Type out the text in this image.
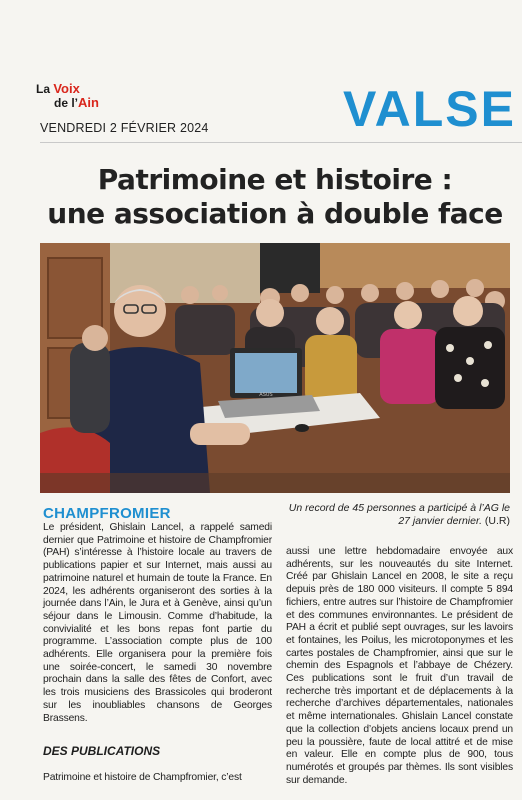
La Voix
de l’Ain
VENDREDI 2 FÉVRIER 2024	VALSE
Patrimoine et histoire :
une association à double face
ASUS
CHAMPFROMIER	Un record de 45 personnes a participé à l’AG le 27 janvier dernier. (U.R)
Le président, Ghislain Lancel, a rappelé samedi dernier que Patrimoine et histoire de Champfromier (PAH) s’intéresse à l’histoire locale au travers de publications papier et sur Internet, mais aussi au patrimoine naturel et humain de toute la France. En 2024, les adhérents organiseront des sorties à la journée dans l’Ain, le Jura et à Genève, ainsi qu’un séjour dans le Limousin. Comme d’habitude, la convivialité et les bons repas font partie du programme. L’association compte plus de 100 adhérents. Elle organisera pour la première fois une soirée-concert, le samedi 30 novembre prochain dans la salle des fêtes de Confort, avec les trois musiciens des Brassicoles qui broderont sur les inoubliables chansons de Georges Brassens.
DES PUBLICATIONS
Patrimoine et histoire de Champfromier, c’est
aussi une lettre hebdomadaire envoyée aux adhérents, sur les nouveautés du site Internet. Créé par Ghislain Lancel en 2008, le site a reçu depuis près de 180 000 visiteurs. Il compte 5 894 fichiers, entre autres sur l’histoire de Champfromier et des communes environnantes. Le président de PAH a écrit et publié sept ouvrages, sur les lavoirs et fontaines, les Poilus, les microtoponymes et les cartes postales de Champfromier, ainsi que sur le chemin des Espagnols et l’abbaye de Chézery. Ces publications sont le fruit d’un travail de recherche très important et de déplacements à la recherche d’archives départementales, nationales et même internationales. Ghislain Lancel constate que la collection d’objets anciens locaux prend un peu la poussière, faute de local attitré et de mise en valeur. Elle en compte plus de 900, tous numérotés et groupés par thèmes. Ils sont visibles sur demande.
